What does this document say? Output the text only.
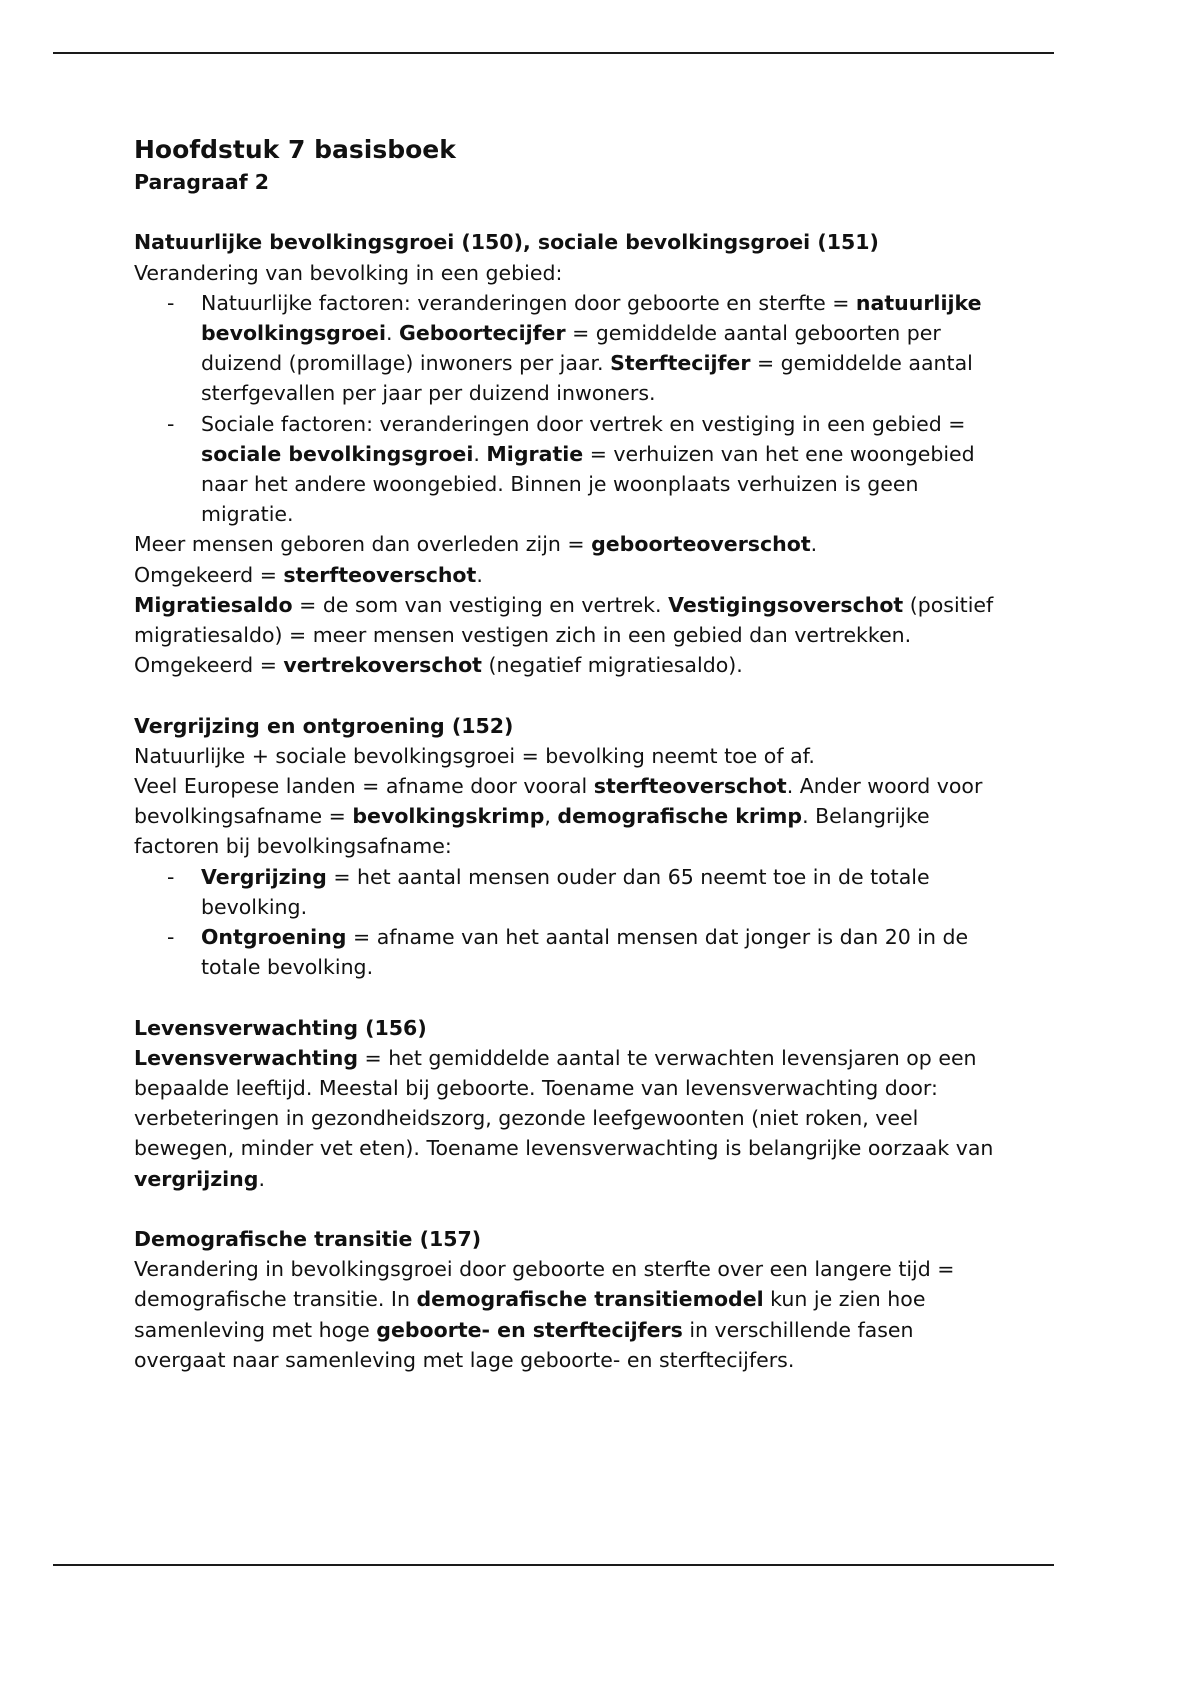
Hoofdstuk 7 basisboek
Paragraaf 2
Natuurlijke bevolkingsgroei (150), sociale bevolkingsgroei (151)

Verandering van bevolking in een gebied:

- Natuurlijke factoren: veranderingen door geboorte en sterfte = natuurlijke bevolkingsgroei. Geboortecijfer = gemiddelde aantal geboorten per duizend (promillage) inwoners per jaar. Sterftecijfer = gemiddelde aantal sterfgevallen per jaar per duizend inwoners.
- Sociale factoren: veranderingen door vertrek en vestiging in een gebied = sociale bevolkingsgroei. Migratie = verhuizen van het ene woongebied naar het andere woongebied. Binnen je woonplaats verhuizen is geen migratie.

Meer mensen geboren dan overleden zijn = geboorteoverschot.

Omgekeerd = sterfteoverschot.

Migratiesaldo = de som van vestiging en vertrek. Vestigingsoverschot (positief migratiesaldo) = meer mensen vestigen zich in een gebied dan vertrekken. Omgekeerd = vertrekoverschot (negatief migratiesaldo).

Vergrijzing en ontgroening (152)

Natuurlijke + sociale bevolkingsgroei = bevolking neemt toe of af.

Veel Europese landen = afname door vooral sterfteoverschot. Ander woord voor bevolkingsafname = bevolkingskrimp, demografische krimp. Belangrijke factoren bij bevolkingsafname:

- Vergrijzing = het aantal mensen ouder dan 65 neemt toe in de totale bevolking.
- Ontgroening = afname van het aantal mensen dat jonger is dan 20 in de totale bevolking.
Levensverwachting (156)

Levensverwachting = het gemiddelde aantal te verwachten levensjaren op een bepaalde leeftijd. Meestal bij geboorte. Toename van levensverwachting door: verbeteringen in gezondheidszorg, gezonde leefgewoonten (niet roken, veel bewegen, minder vet eten). Toename levensverwachting is belangrijke oorzaak van vergrijzing.

Demografische transitie (157)

Verandering in bevolkingsgroei door geboorte en sterfte over een langere tijd = demografische transitie. In demografische transitiemodel kun je zien hoe samenleving met hoge geboorte- en sterftecijfers in verschillende fasen overgaat naar samenleving met lage geboorte- en sterftecijfers.
